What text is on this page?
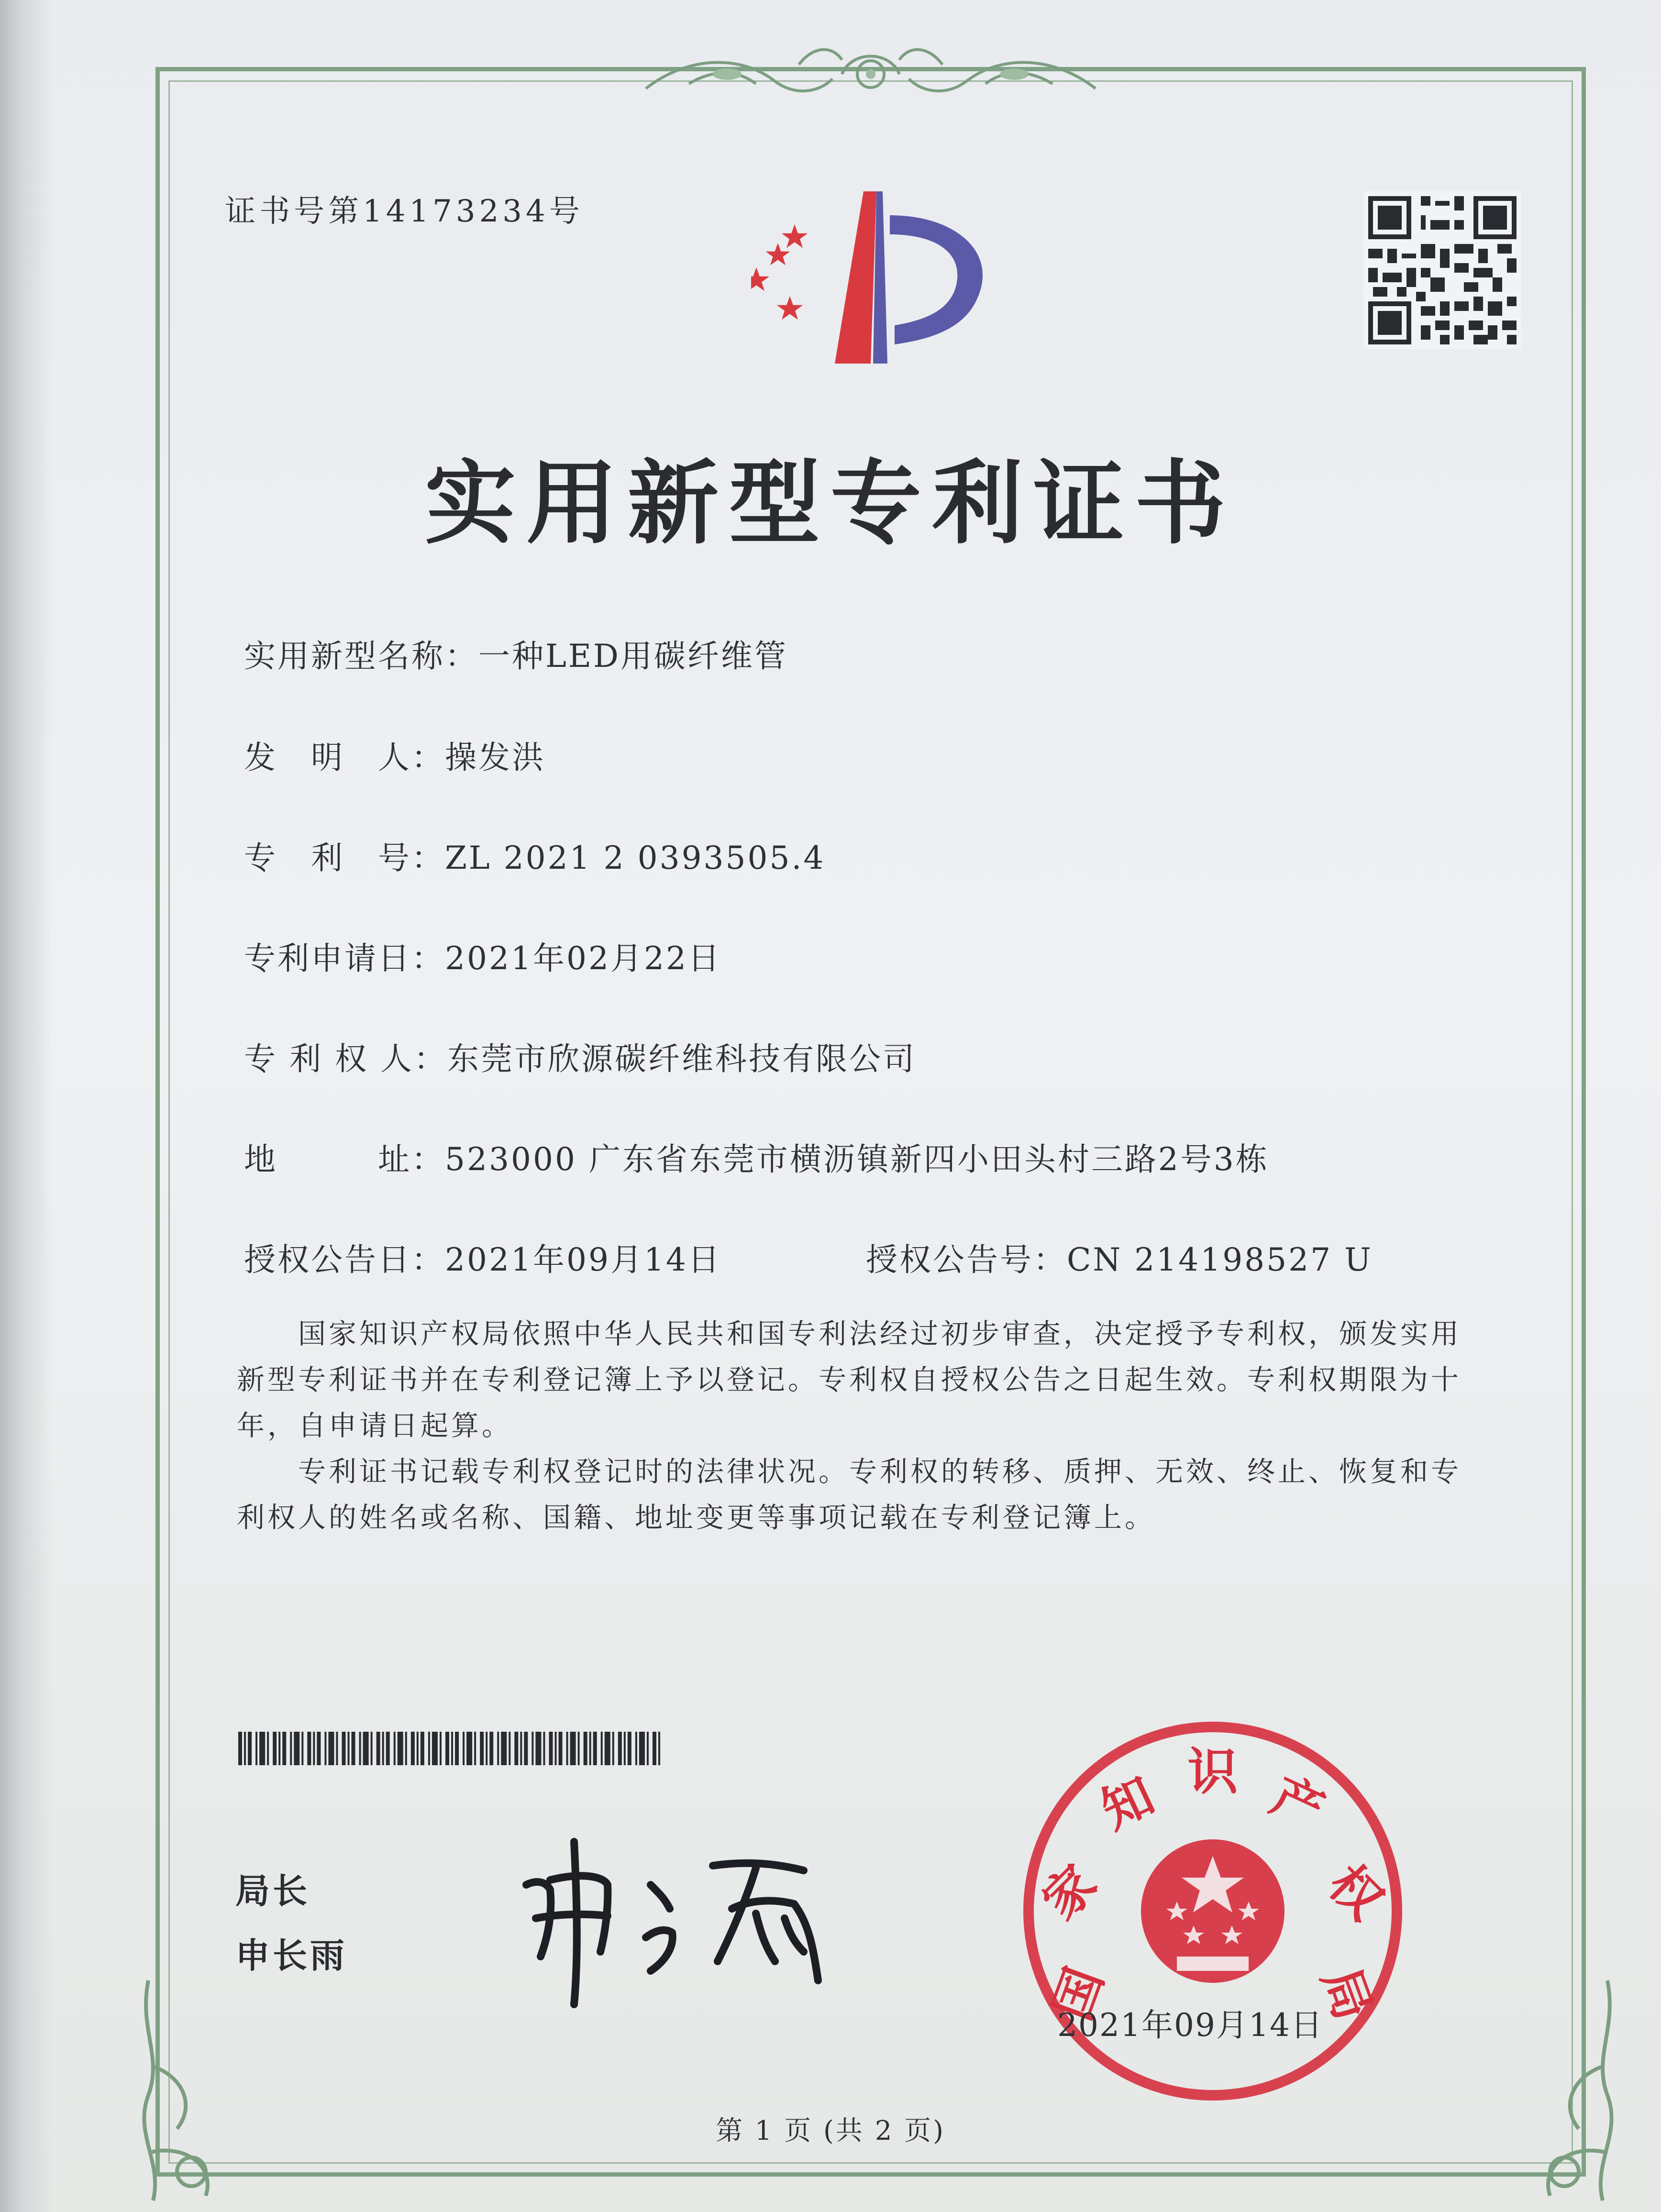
证书号第14173234号
实用新型专利证书
实用新型名称：一种LED用碳纤维管
发　明　人：操发洪
专　利　号：ZL 2021 2 0393505.4
专利申请日：2021年02月22日
专 利 权 人：东莞市欣源碳纤维科技有限公司
地　　　址：523000 广东省东莞市横沥镇新四小田头村三路2号3栋
授权公告日：2021年09月14日	授权公告号：CN 214198527 U
　　国家知识产权局依照中华人民共和国专利法经过初步审查，决定授予专利权，颁发实用
新型专利证书并在专利登记簿上予以登记。专利权自授权公告之日起生效。专利权期限为十
年，自申请日起算。
　　专利证书记载专利权登记时的法律状况。专利权的转移、质押、无效、终止、恢复和专
利权人的姓名或名称、国籍、地址变更等事项记载在专利登记簿上。
局长
申长雨
国
家
知 识 产
权
局
2021年09月14日
第 1 页 (共 2 页)
